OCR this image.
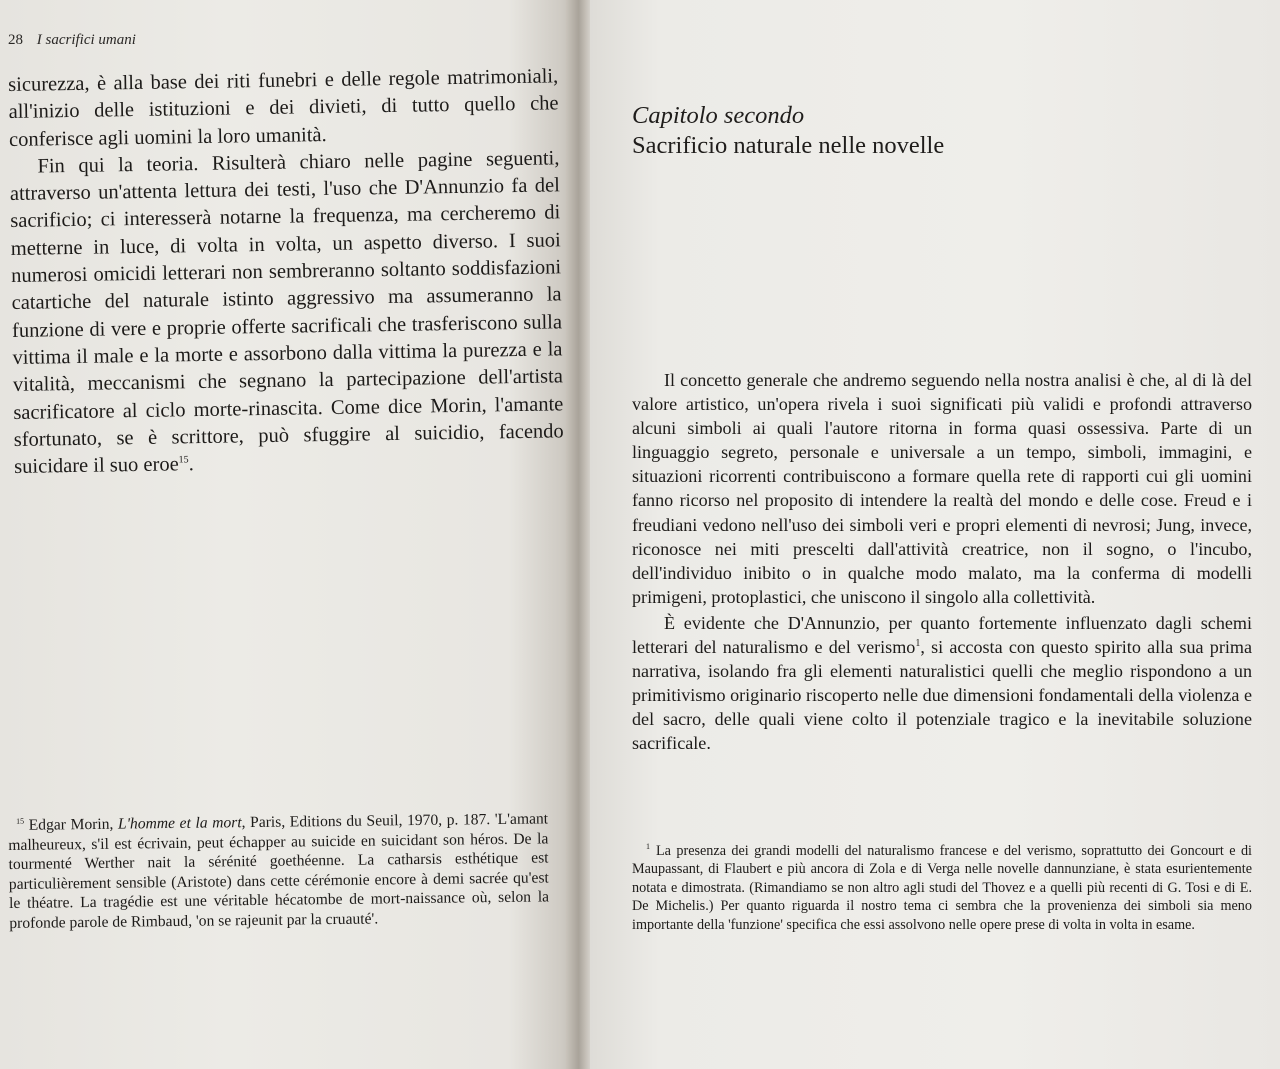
28 I sacrifici umani

sicurezza, è alla base dei riti funebri e delle regole matrimoniali, all'inizio delle istituzioni e dei divieti, di tutto quello che conferisce agli uomini la loro umanità.

Fin qui la teoria. Risulterà chiaro nelle pagine seguenti, attraverso un'attenta lettura dei testi, l'uso che D'Annunzio fa del sacrificio; ci interesserà notarne la frequenza, ma cercheremo di metterne in luce, di volta in volta, un aspetto diverso. I suoi numerosi omicidi letterari non sembreranno soltanto soddisfazioni catartiche del naturale istinto aggressivo ma assumeranno la funzione di vere e proprie offerte sacrificali che trasferiscono sulla vittima il male e la morte e assorbono dalla vittima la purezza e la vitalità, meccanismi che segnano la partecipazione dell'artista sacrificatore al ciclo morte-rinascita. Come dice Morin, l'amante sfortunato, se è scrittore, può sfuggire al suicidio, facendo suicidare il suo eroe$^{15}$.

$^{15}$ Edgar Morin, L'homme et la mort, Paris, Editions du Seuil, 1970, p. 187. 'L'amant malheureux, s'il est écrivain, peut échapper au suicide en suicidant son héros. De la tourmenté Werther nait la sérénité goethéenne. La catharsis esthétique est particulièrement sensible (Aristote) dans cette cérémonie encore à demi sacrée qu'est le théatre. La tragédie est une véritable hécatombe de mort-naissance où, selon la profonde parole de Rimbaud, 'on se rajeunit par la cruauté'.

Capitolo secondo
Sacrificio naturale nelle novelle

Il concetto generale che andremo seguendo nella nostra analisi è che, al di là del valore artistico, un'opera rivela i suoi significati più validi e profondi attraverso alcuni simboli ai quali l'autore ritorna in forma quasi ossessiva. Parte di un linguaggio segreto, personale e universale a un tempo, simboli, immagini, e situazioni ricorrenti contribuiscono a formare quella rete di rapporti cui gli uomini fanno ricorso nel proposito di intendere la realtà del mondo e delle cose. Freud e i freudiani vedono nell'uso dei simboli veri e propri elementi di nevrosi; Jung, invece, riconosce nei miti prescelti dall'attività creatrice, non il sogno, o l'incubo, dell'individuo inibito o in qualche modo malato, ma la conferma di modelli primigeni, protoplastici, che uniscono il singolo alla collettività.

È evidente che D'Annunzio, per quanto fortemente influenzato dagli schemi letterari del naturalismo e del verismo$^1$, si accosta con questo spirito alla sua prima narrativa, isolando fra gli elementi naturalistici quelli che meglio rispondono a un primitivismo originario riscoperto nelle due dimensioni fondamentali della violenza e del sacro, delle quali viene colto il potenziale tragico e la inevitabile soluzione sacrificale.

$^1$ La presenza dei grandi modelli del naturalismo francese e del verismo, soprattutto dei Goncourt e di Maupassant, di Flaubert e più ancora di Zola e di Verga nelle novelle dannunziane, è stata esurientemente notata e dimostrata. (Rimandiamo se non altro agli studi del Thovez e a quelli più recenti di G. Tosi e di E. De Michelis.) Per quanto riguarda il nostro tema ci sembra che la provenienza dei simboli sia meno importante della 'funzione' specifica che essi assolvono nelle opere prese di volta in volta in esame.
